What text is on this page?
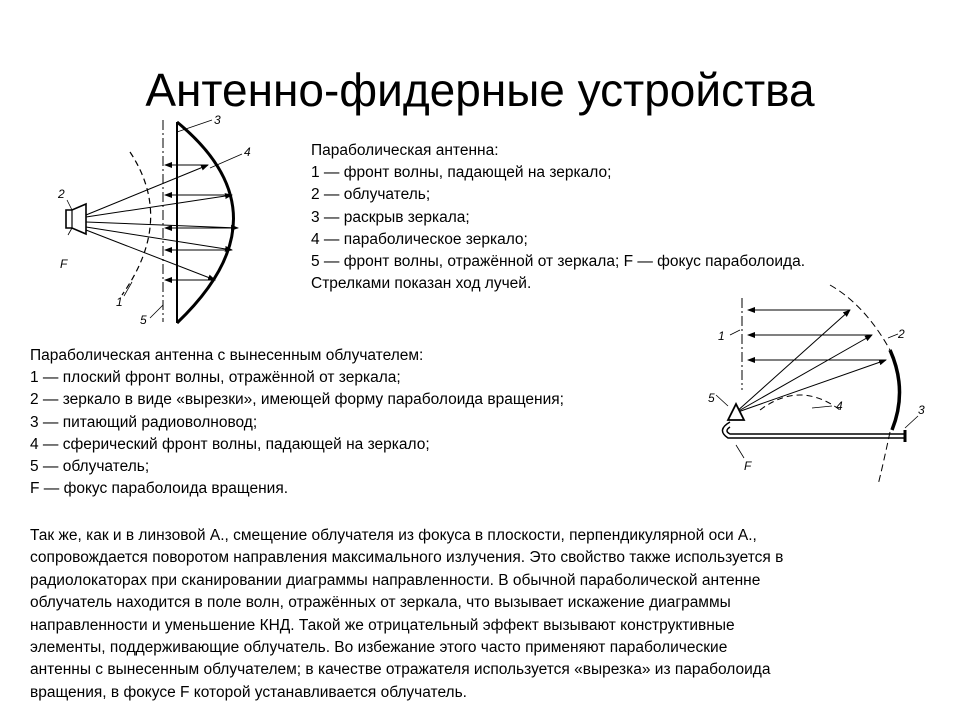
Антенно-фидерные устройства
3
4
2
F
1
5
Параболическая антенна:
1 — фронт волны, падающей на зеркало;
2 — облучатель;
3 — раскрыв зеркала;
4 — параболическое зеркало;
5 — фронт волны, отражённой от зеркала; F — фокус параболоида.
Стрелками показан ход лучей.
1	2
5
4	3
F
Параболическая антенна с вынесенным облучателем:
1 — плоский фронт волны, отражённой от зеркала;
2 — зеркало в виде «вырезки», имеющей форму параболоида вращения;
3 — питающий радиоволновод;
4 — сферический фронт волны, падающей на зеркало;
5 — облучатель;
F — фокус параболоида вращения.

Так же, как и в линзовой А., смещение облучателя из фокуса в плоскости, перпендикулярной оси А.,
сопровождается поворотом направления максимального излучения. Это свойство также используется в
радиолокаторах при сканировании диаграммы направленности. В обычной параболической антенне
облучатель находится в поле волн, отражённых от зеркала, что вызывает искажение диаграммы
направленности и уменьшение КНД. Такой же отрицательный эффект вызывают конструктивные
элементы, поддерживающие облучатель. Во избежание этого часто применяют параболические
антенны с вынесенным облучателем; в качестве отражателя используется «вырезка» из параболоида
вращения, в фокусе F которой устанавливается облучатель.
